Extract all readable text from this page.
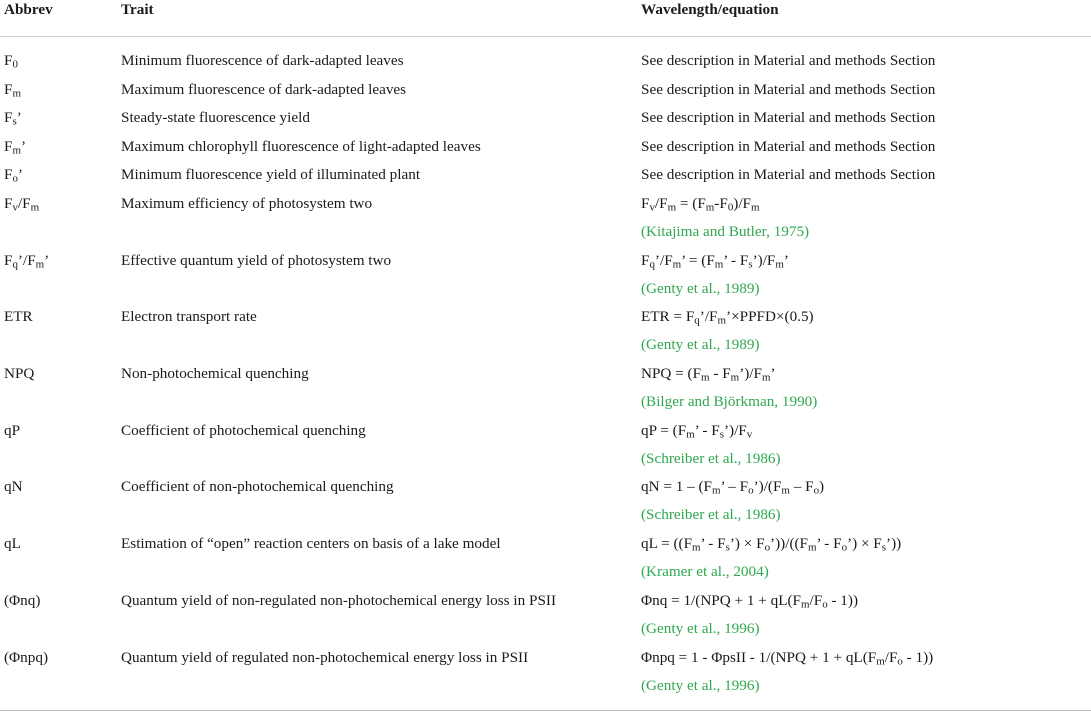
Abbrev	Trait	Wavelength/equation
$F_0$	Minimum fluorescence of dark-adapted leaves	See description in Material and methods Section
$F_m$	Maximum fluorescence of dark-adapted leaves	See description in Material and methods Section
$F_s$’	Steady-state fluorescence yield	See description in Material and methods Section
$F_m$’	Maximum chlorophyll fluorescence of light-adapted leaves	See description in Material and methods Section
$F_o$’	Minimum fluorescence yield of illuminated plant	See description in Material and methods Section
$F_v/F_m$	Maximum efficiency of photosystem two	$F_v/F_m = (F_m-F_0)/F_m$
(Kitajima and Butler, 1975)
$F_q’/F_m$’	Effective quantum yield of photosystem two	$F_q’/F_m$’ = ($F_m$’ - $F_s’)/F_m$’
(Genty et al., 1989)
ETR	Electron transport rate	ETR = $F_q’/F_m’\times PPFD\times(0.5)$
(Genty et al., 1989)
NPQ	Non-photochemical quenching	NPQ = ($F_m$ - $F_m’)/F_m$’
(Bilger and Björkman, 1990)
qP	Coefficient of photochemical quenching	qP = ($F_m$’ - $F_s’)/F_v$
(Schreiber et al., 1986)
qN	Coefficient of non-photochemical quenching	qN = $1 - (F_m$’ – $F_o’)/(F_m - F_o)$
(Schreiber et al., 1986)
qL	Estimation of “open” reaction centers on basis of a lake model	qL = (($F_m$’ - $F_s$’) × $F_o’))/((F_m$’ - $F_o$’) × $F_s$’))
(Kramer et al., 2004)
(Φnq)	Quantum yield of non-regulated non-photochemical energy loss in PSII	$\Phi nq = 1/(NPQ + 1 + qL(F_m/F_o - 1))$
(Genty et al., 1996)
(Φnpq)	Quantum yield of regulated non-photochemical energy loss in PSII	Φnpq = 1 - ΦpsII - $1/(NPQ + 1 + qL(F_m/F_o - 1))$
(Genty et al., 1996)
